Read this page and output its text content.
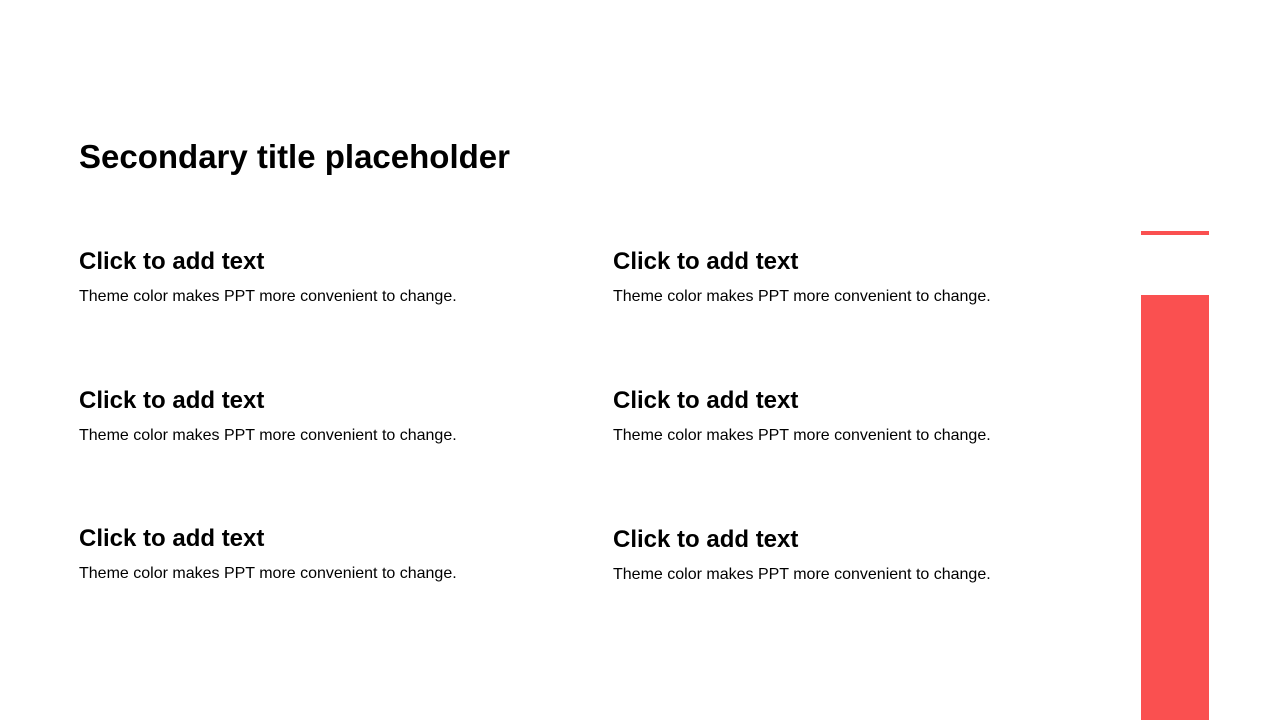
Secondary title placeholder
Click to add text

Theme color makes PPT more convenient to change.

Click to add text

Theme color makes PPT more convenient to change.

Click to add text

Theme color makes PPT more convenient to change.

Click to add text

Theme color makes PPT more convenient to change.

Click to add text

Theme color makes PPT more convenient to change.

Click to add text

Theme color makes PPT more convenient to change.
